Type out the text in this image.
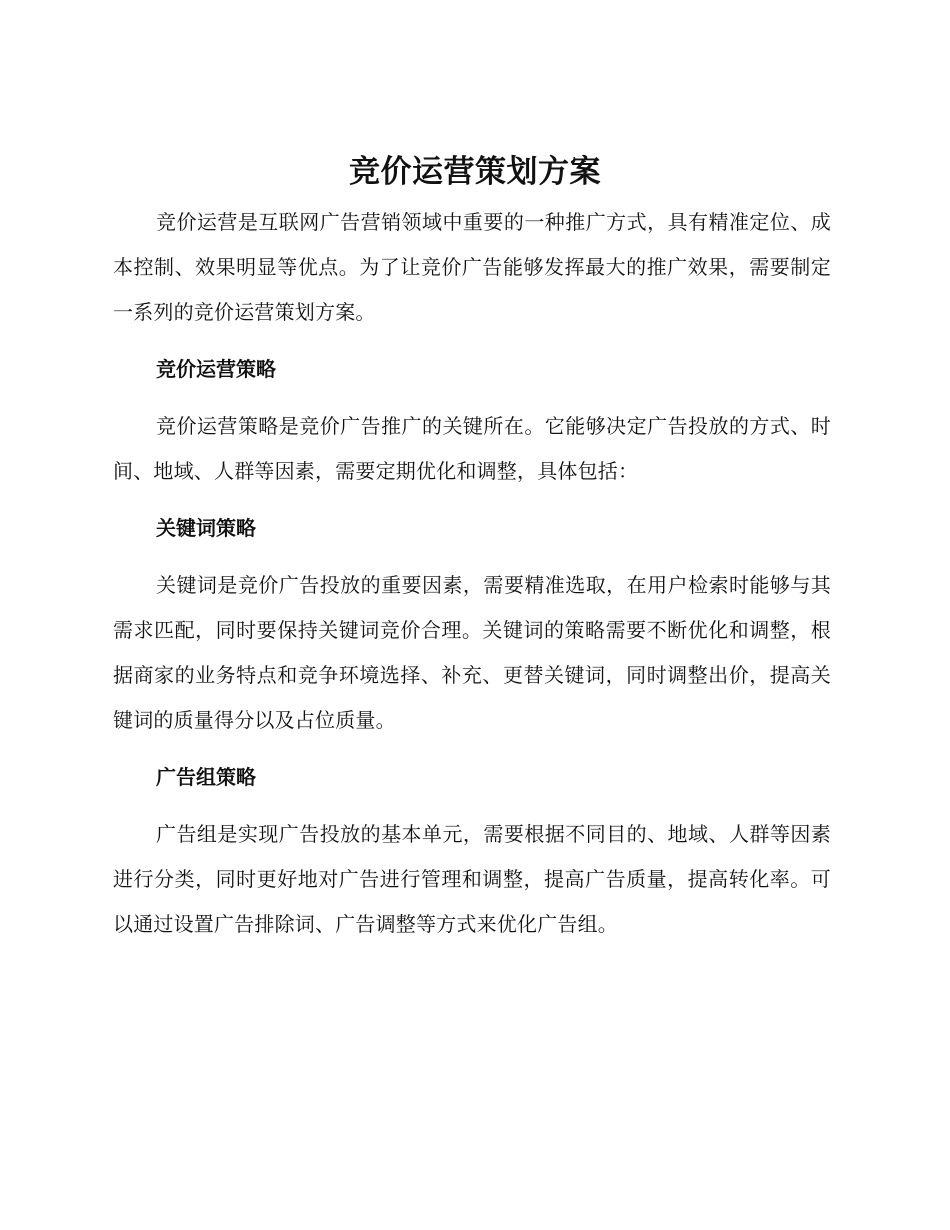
竞价运营策划方案

竞价运营是互联网广告营销领域中重要的一种推广方式，具有精准定位、成本控制、效果明显等优点。为了让竞价广告能够发挥最大的推广效果，需要制定一系列的竞价运营策划方案。

竞价运营策略

竞价运营策略是竞价广告推广的关键所在。它能够决定广告投放的方式、时间、地域、人群等因素，需要定期优化和调整，具体包括：

关键词策略

关键词是竞价广告投放的重要因素，需要精准选取，在用户检索时能够与其需求匹配，同时要保持关键词竞价合理。关键词的策略需要不断优化和调整，根据商家的业务特点和竞争环境选择、补充、更替关键词，同时调整出价，提高关键词的质量得分以及占位质量。

广告组策略

广告组是实现广告投放的基本单元，需要根据不同目的、地域、人群等因素进行分类，同时更好地对广告进行管理和调整，提高广告质量，提高转化率。可以通过设置广告排除词、广告调整等方式来优化广告组。
